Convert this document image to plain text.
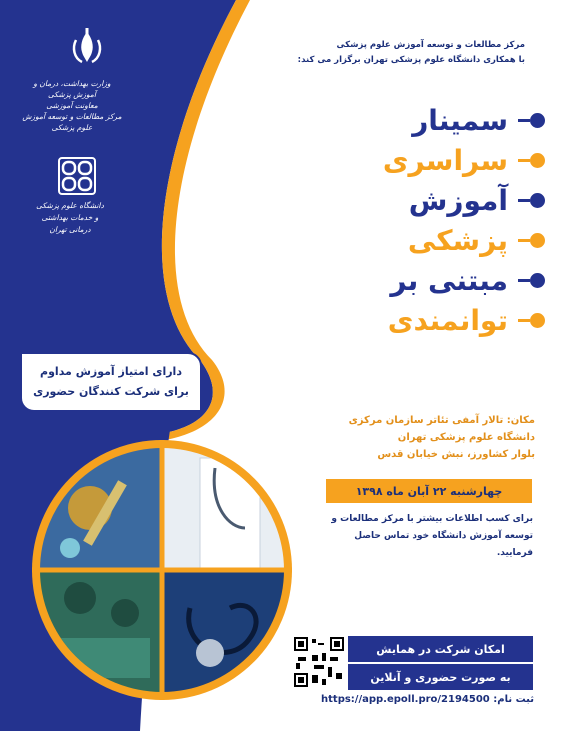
وزارت بهداشت، درمان و آموزش پزشکی
معاونت آموزشی
مرکز مطالعات و توسعه آموزش علوم پزشکی
دانشگاه علوم پزشکی
و خدمات بهداشتی درمانی تهران
مرکز مطالعات و توسعه آموزش علوم پزشکی
با همکاری دانشگاه علوم پزشکی تهران برگزار می کند:
سمینار
سراسری
آموزش
پزشکی
مبتنی بر
توانمندی
دارای امتیاز آموزش مداوم
برای شرکت کنندگان حضوری
مکان: تالار آمفی تئاتر سازمان مرکزی
دانشگاه علوم پزشکی تهران
بلوار کشاورز، نبش خیابان قدس
چهارشنبه ۲۲ آبان ماه ۱۳۹۸
برای کسب اطلاعات بیشتر با مرکز مطالعات و
توسعه آموزش دانشگاه خود تماس حاصل
فرمایید.
امکان شرکت در همایش
به صورت حضوری و آنلاین
ثبت نام: https://app.epoll.pro/2194500
